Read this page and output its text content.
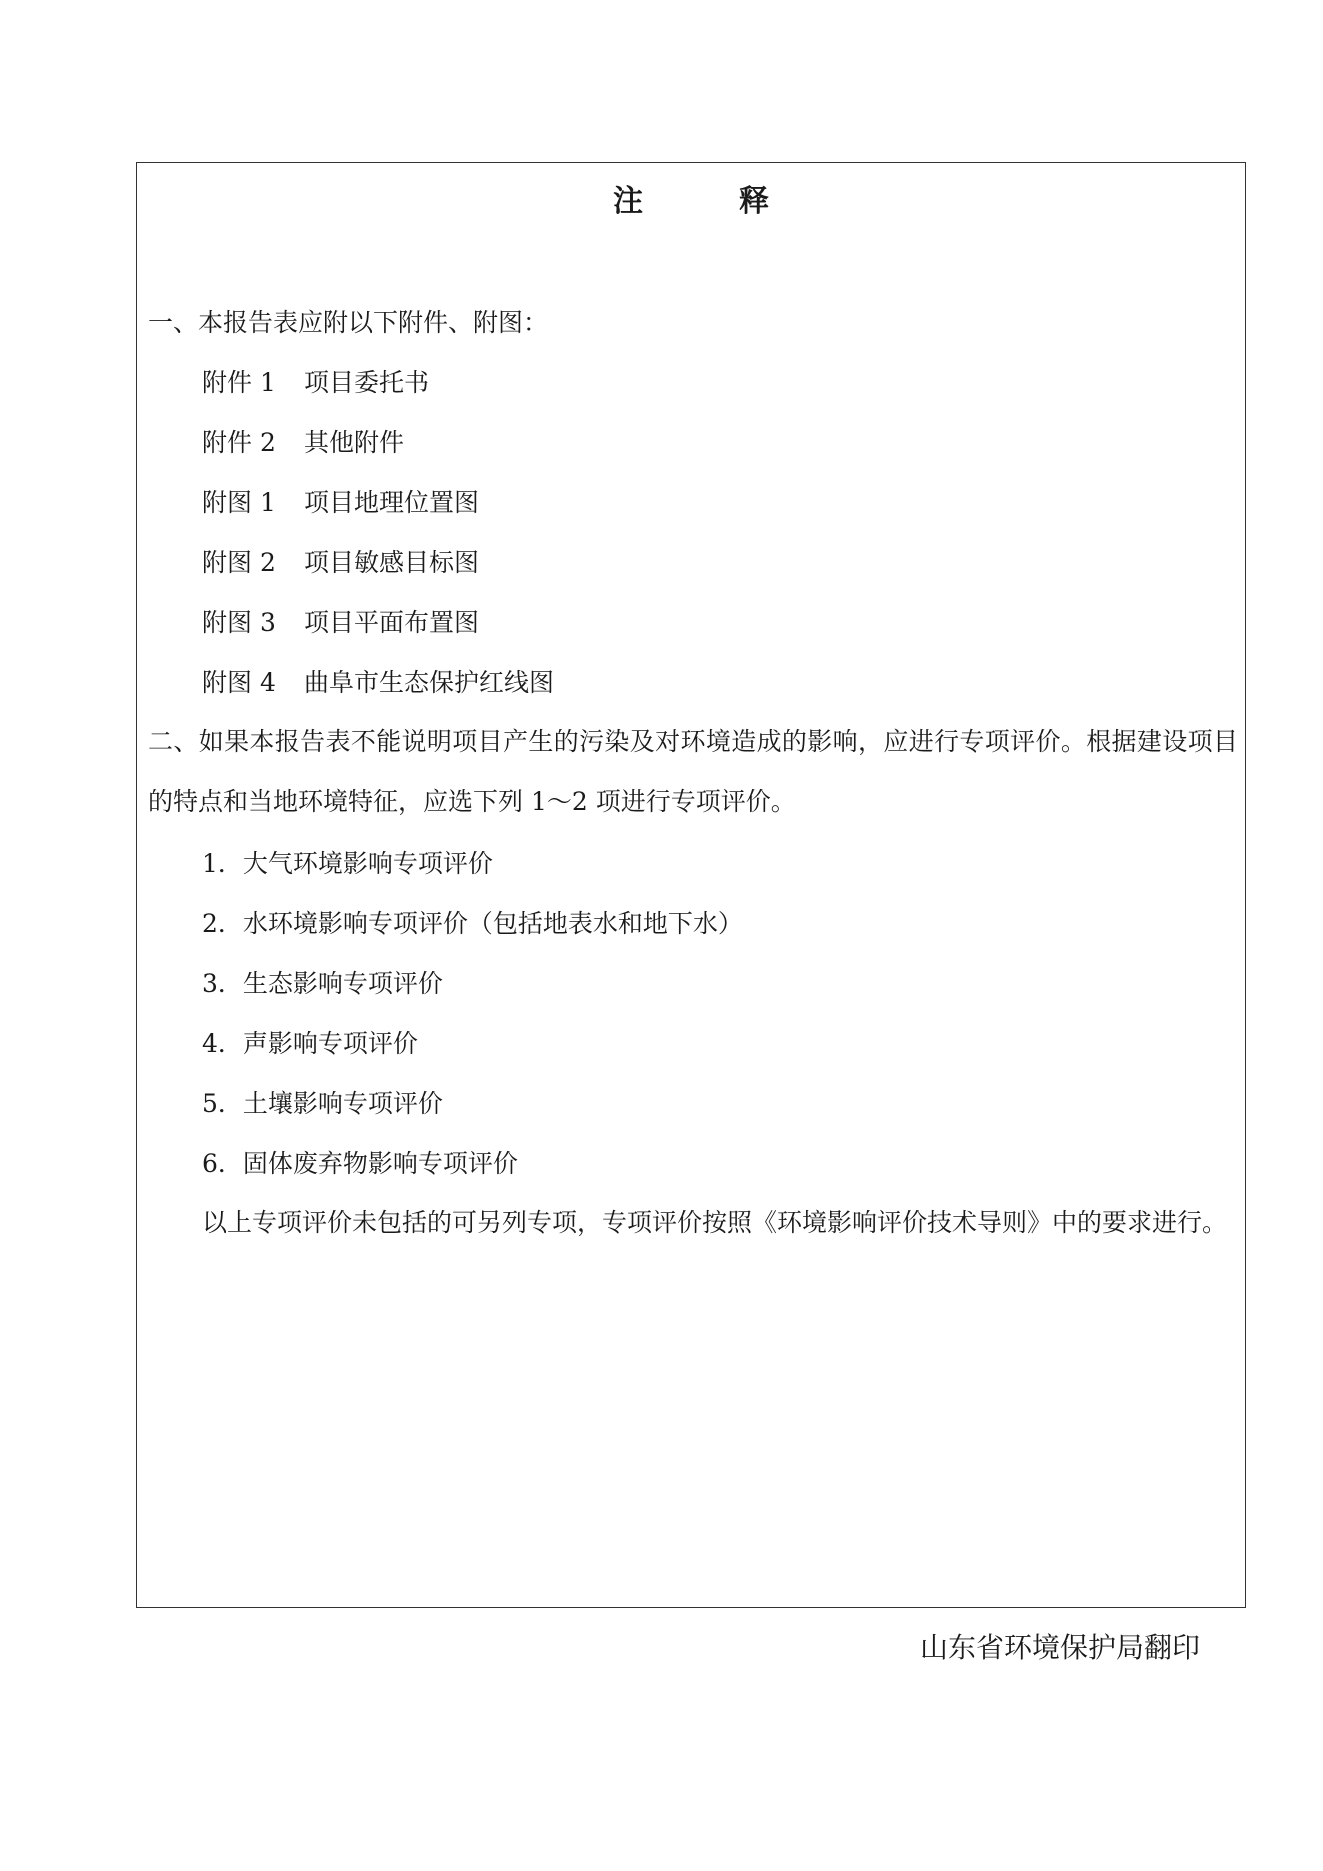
注	释
一、本报告表应附以下附件、附图：
附件 1 项目委托书
附件 2 其他附件
附图 1 项目地理位置图
附图 2 项目敏感目标图
附图 3 项目平面布置图
附图 4 曲阜市生态保护红线图
二、如果本报告表不能说明项目产生的污染及对环境造成的影响，应进行专项评价。根据建设项目的特点和当地环境特征，应选下列 1～2 项进行专项评价。
1．大气环境影响专项评价
2．水环境影响专项评价（包括地表水和地下水）
3．生态影响专项评价
4．声影响专项评价
5．土壤影响专项评价
6．固体废弃物影响专项评价
以上专项评价未包括的可另列专项，专项评价按照《环境影响评价技术导则》中的要求进行。
山东省环境保护局翻印
